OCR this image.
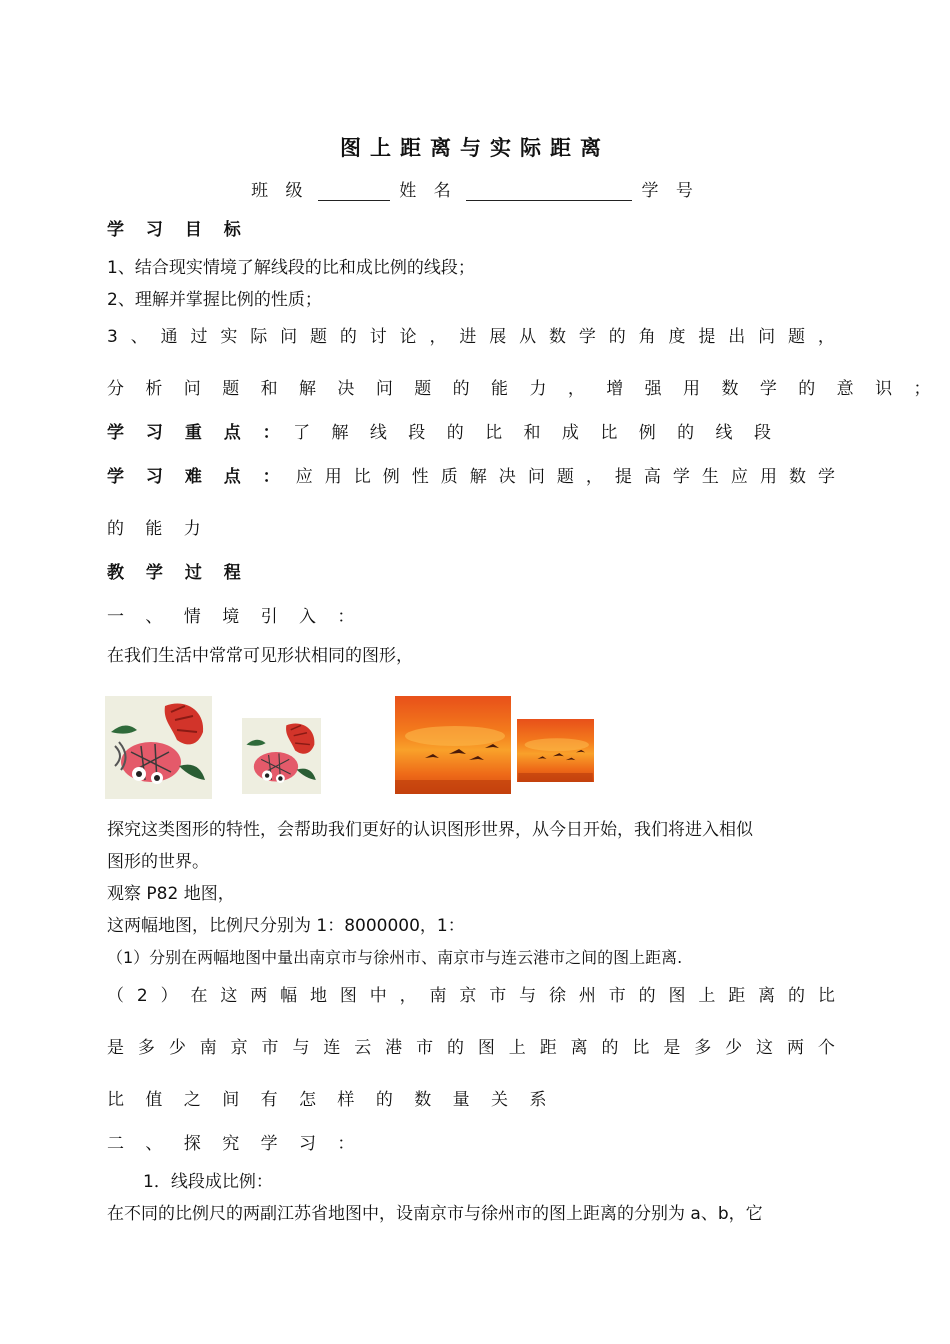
图上距离与实际距离
班 级	姓 名	学 号
学 习 目 标
1、结合现实情境了解线段的比和成比例的线段；
2、理解并掌握比例的性质；
3 、 通 过 实 际 问 题 的 讨 论 ， 进 展 从 数 学 的 角 度 提 出 问 题 ，
分 析 问 题 和 解 决 问 题 的 能 力 ， 增 强 用 数 学 的 意 识 ；
学 习 重 点 ： 了 解 线 段 的 比 和 成 比 例 的 线 段
学 习 难 点 ： 应 用 比 例 性 质 解 决 问 题 ， 提 高 学 生 应 用 数 学
的 能 力
教 学 过 程
一 、 情 境 引 入 ：
在我们生活中常常可见形状相同的图形，
探究这类图形的特性，会帮助我们更好的认识图形世界，从今日开始，我们将进入相似
图形的世界。
观察 P82 地图，
这两幅地图，比例尺分别为 1：8000000，1：
（1）分别在两幅地图中量出南京市与徐州市、南京市与连云港市之间的图上距离.
（ 2 ） 在 这 两 幅 地 图 中 ， 南 京 市 与 徐 州 市 的 图 上 距 离 的 比
是 多 少 南 京 市 与 连 云 港 市 的 图 上 距 离 的 比 是 多 少 这 两 个
比 值 之 间 有 怎 样 的 数 量 关 系
二 、 探 究 学 习 ：
1．线段成比例：
在不同的比例尺的两副江苏省地图中，设南京市与徐州市的图上距离的分别为 a、b，它
